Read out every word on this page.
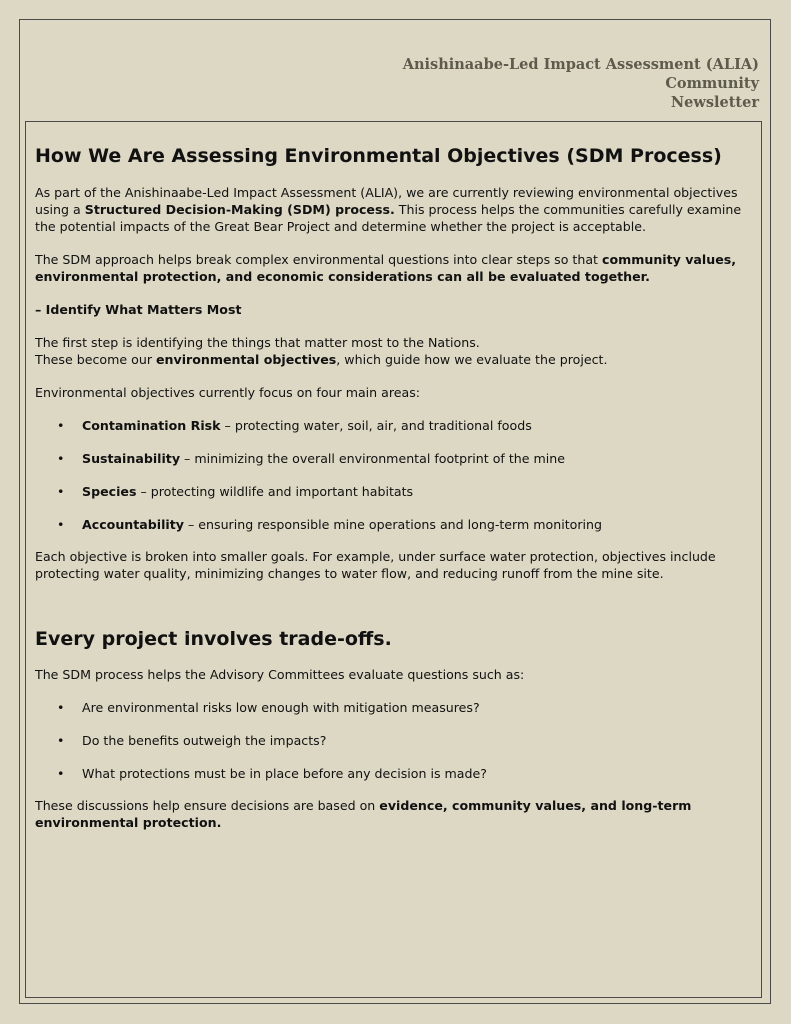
Anishinaabe-Led Impact Assessment (ALIA) Community
Newsletter
How We Are Assessing Environmental Objectives (SDM Process)

As part of the Anishinaabe-Led Impact Assessment (ALIA), we are currently reviewing environmental objectives using a Structured Decision-Making (SDM) process. This process helps the communities carefully examine the potential impacts of the Great Bear Project and determine whether the project is acceptable.

The SDM approach helps break complex environmental questions into clear steps so that community values, environmental protection, and economic considerations can all be evaluated together.

– Identify What Matters Most

The first step is identifying the things that matter most to the Nations.
These become our environmental objectives, which guide how we evaluate the project.

Environmental objectives currently focus on four main areas:

• Contamination Risk – protecting water, soil, air, and traditional foods
• Sustainability – minimizing the overall environmental footprint of the mine
• Species – protecting wildlife and important habitats
• Accountability – ensuring responsible mine operations and long-term monitoring

Each objective is broken into smaller goals. For example, under surface water protection, objectives include protecting water quality, minimizing changes to water flow, and reducing runoff from the mine site.

Every project involves trade-offs.

The SDM process helps the Advisory Committees evaluate questions such as:

• Are environmental risks low enough with mitigation measures?
• Do the benefits outweigh the impacts?
• What protections must be in place before any decision is made?

These discussions help ensure decisions are based on evidence, community values, and long-term environmental protection.
